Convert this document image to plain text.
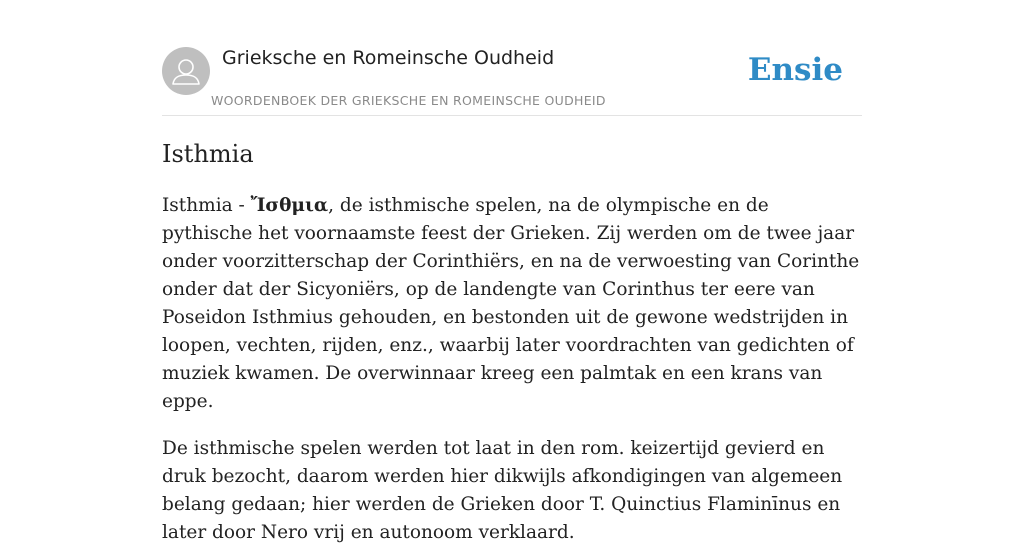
Grieksche en Romeinsche Oudheid
WOORDENBOEK DER GRIEKSCHE EN ROMEINSCHE OUDHEID
Ensie
Isthmia

Isthmia - Ἴσθμια, de isthmische spelen, na de olympische en de pythische het voornaamste feest der Grieken. Zij werden om de twee jaar onder voorzitterschap der Corinthiërs, en na de verwoesting van Corinthe onder dat der Sicyoniërs, op de landengte van Corinthus ter eere van Poseidon Isthmius gehouden, en bestonden uit de gewone wedstrijden in loopen, vechten, rijden, enz., waarbij later voordrachten van gedichten of muziek kwamen. De overwinnaar kreeg een palmtak en een krans van eppe.

De isthmische spelen werden tot laat in den rom. keizertijd gevierd en druk bezocht, daarom werden hier dikwijls afkondigingen van algemeen belang gedaan; hier werden de Grieken door T. Quinctius Flaminīnus en later door Nero vrij en autonoom verklaard.
